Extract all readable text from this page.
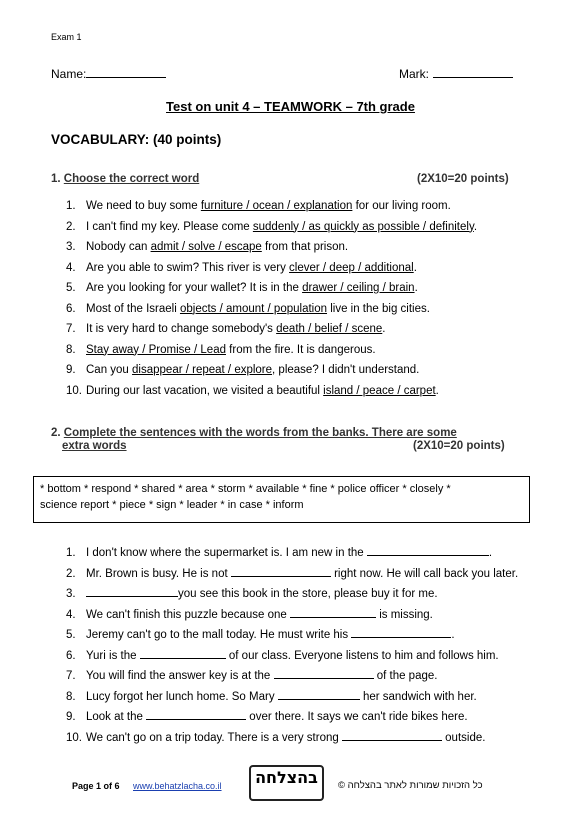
Exam 1
Name:	Mark:
Test on unit 4 – TEAMWORK – 7th grade
VOCABULARY: (40 points)
1. Choose the correct word	(2X10=20 points)
1. We need to buy some furniture / ocean / explanation for our living room.
2. I can't find my key. Please come suddenly / as quickly as possible / definitely.
3. Nobody can admit / solve / escape from that prison.
4. Are you able to swim? This river is very clever / deep / additional.
5. Are you looking for your wallet? It is in the drawer / ceiling / brain.
6. Most of the Israeli objects / amount / population live in the big cities.
7. It is very hard to change somebody's death / belief / scene.
8. Stay away / Promise / Lead from the fire. It is dangerous.
9. Can you disappear / repeat / explore, please? I didn't understand.
10. During our last vacation, we visited a beautiful island / peace / carpet.
2. Complete the sentences with the words from the banks. There are some
extra words	(2X10=20 points)
* bottom * respond * shared * area * storm * available * fine * police officer * closely *
science report * piece * sign * leader * in case * inform
1. I don't know where the supermarket is. I am new in the	.
2. Mr. Brown is busy. He is not	right now. He will call back you later.
3.	you see this book in the store, please buy it for me.
4. We can't finish this puzzle because one	is missing.
5. Jeremy can't go to the mall today. He must write his	.
6. Yuri is the	of our class. Everyone listens to him and follows him.
7. You will find the answer key is at the	of the page.
8. Lucy forgot her lunch home. So Mary	her sandwich with her.
9. Look at the	over there. It says we can't ride bikes here.
10. We can't go on a trip today. There is a very strong	outside.
Page 1 of 6 www.behatzlacha.co.il בהצלחה
	כל הזכויות שמורות לאתר בהצלחה ©
